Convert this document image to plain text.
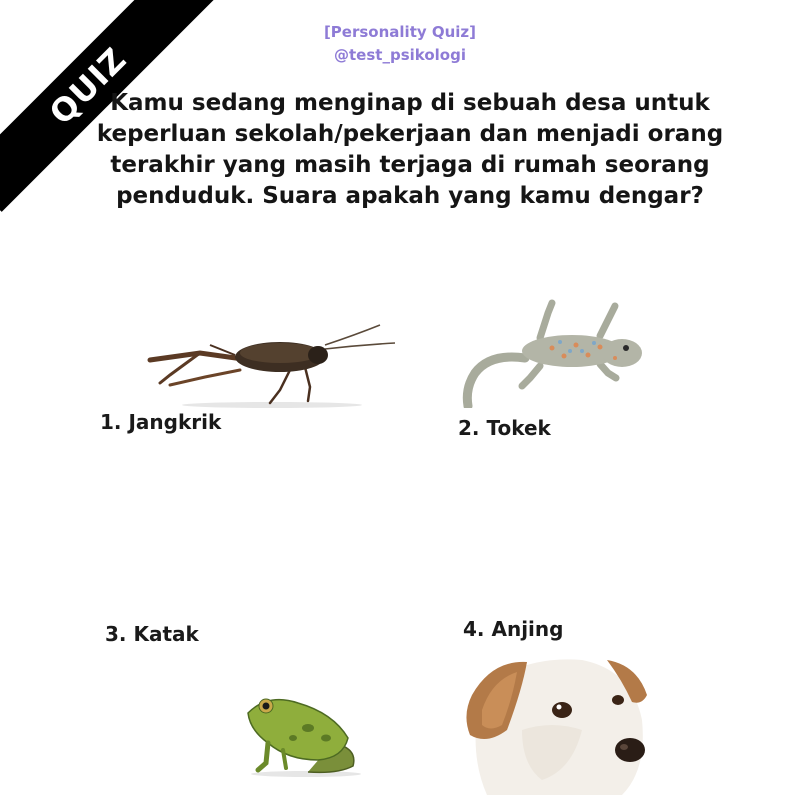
QUIZ
[Personality Quiz]
@test_psikologi

Kamu sedang menginap di sebuah desa untuk
keperluan sekolah/pekerjaan dan menjadi orang
terakhir yang masih terjaga di rumah seorang
penduduk. Suara apakah yang kamu dengar?

1. Jangkrik	2. Tokek
3. Katak	4. Anjing
